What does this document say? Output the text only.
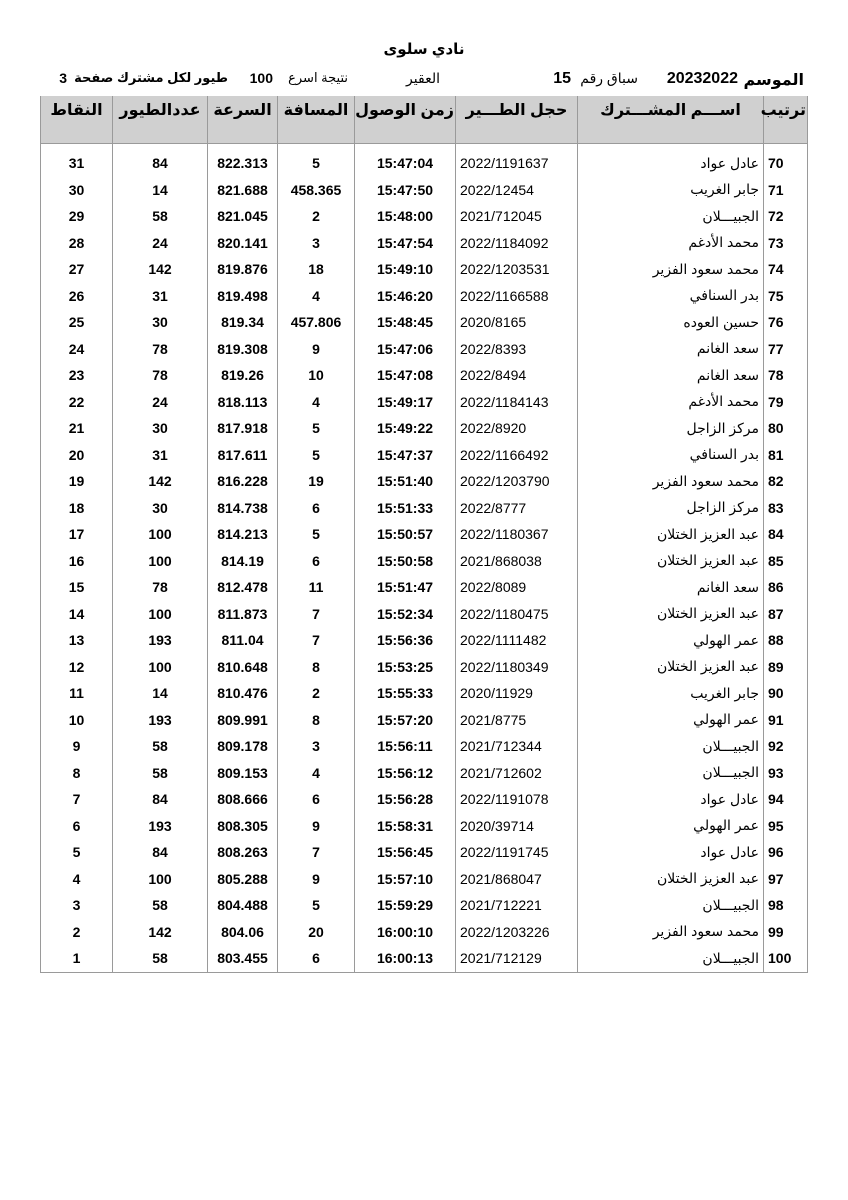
نادي سلوى
الموسم
20232022
سباق رقم
15
العقير
نتيجة اسرع
100
طيور لكل مشترك صفحة
3
ترتيب	اســـم المشـــترك	حجل الطـــير	زمن الوصول	المسافة	السرعة	عددالطيور	النقاط

70	عادل عواد	2022/1191637	15:47:04	5	822.313	84	31
71	جابر الغريب	2022/12454	15:47:50	458.365	821.688	14	30
72	الجبيـــلان	2021/712045	15:48:00	2	821.045	58	29
73	محمد الأدغم	2022/1184092	15:47:54	3	820.141	24	28
74	محمد سعود الفزير	2022/1203531	15:49:10	18	819.876	142	27
75	بدر السنافي	2022/1166588	15:46:20	4	819.498	31	26
76	حسين العوده	2020/8165	15:48:45	457.806	819.34	30	25
77	سعد الغانم	2022/8393	15:47:06	9	819.308	78	24
78	سعد الغانم	2022/8494	15:47:08	10	819.26	78	23
79	محمد الأدغم	2022/1184143	15:49:17	4	818.113	24	22
80	مركز الزاجل	2022/8920	15:49:22	5	817.918	30	21
81	بدر السنافي	2022/1166492	15:47:37	5	817.611	31	20
82	محمد سعود الفزير	2022/1203790	15:51:40	19	816.228	142	19
83	مركز الزاجل	2022/8777	15:51:33	6	814.738	30	18
84	عبد العزيز الختلان	2022/1180367	15:50:57	5	814.213	100	17
85	عبد العزيز الختلان	2021/868038	15:50:58	6	814.19	100	16
86	سعد الغانم	2022/8089	15:51:47	11	812.478	78	15
87	عبد العزيز الختلان	2022/1180475	15:52:34	7	811.873	100	14
88	عمر الهولي	2022/1111482	15:56:36	7	811.04	193	13
89	عبد العزيز الختلان	2022/1180349	15:53:25	8	810.648	100	12
90	جابر الغريب	2020/11929	15:55:33	2	810.476	14	11
91	عمر الهولي	2021/8775	15:57:20	8	809.991	193	10
92	الجبيـــلان	2021/712344	15:56:11	3	809.178	58	9
93	الجبيـــلان	2021/712602	15:56:12	4	809.153	58	8
94	عادل عواد	2022/1191078	15:56:28	6	808.666	84	7
95	عمر الهولي	2020/39714	15:58:31	9	808.305	193	6
96	عادل عواد	2022/1191745	15:56:45	7	808.263	84	5
97	عبد العزيز الختلان	2021/868047	15:57:10	9	805.288	100	4
98	الجبيـــلان	2021/712221	15:59:29	5	804.488	58	3
99	محمد سعود الفزير	2022/1203226	16:00:10	20	804.06	142	2
100	الجبيـــلان	2021/712129	16:00:13	6	803.455	58	1
